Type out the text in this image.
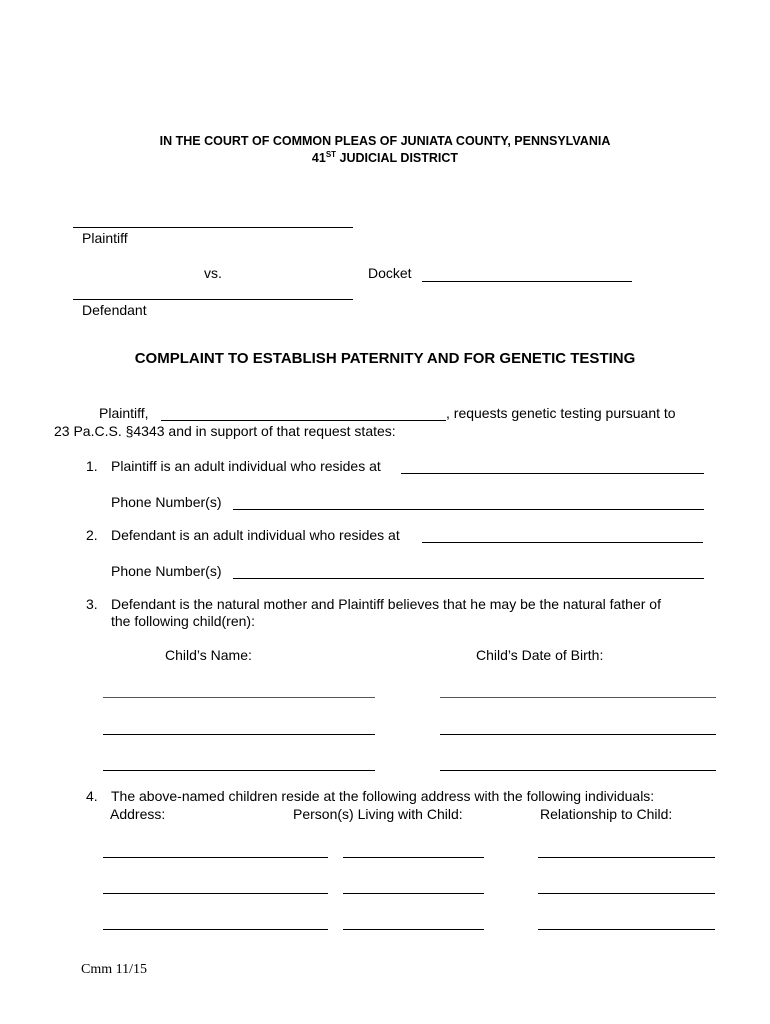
IN THE COURT OF COMMON PLEAS OF JUNIATA COUNTY, PENNSYLVANIA
41ST JUDICIAL DISTRICT
Plaintiff
vs.	Docket
Defendant
COMPLAINT TO ESTABLISH PATERNITY AND FOR GENETIC TESTING
Plaintiff,	, requests genetic testing pursuant to
23 Pa.C.S. §4343 and in support of that request states:
1. Plaintiff is an adult individual who resides at
Phone Number(s)
2. Defendant is an adult individual who resides at
Phone Number(s)
3. Defendant is the natural mother and Plaintiff believes that he may be the natural father of
the following child(ren):
Child’s Name:	Child’s Date of Birth:
4. The above-named children reside at the following address with the following individuals:
Address:	Person(s) Living with Child:	Relationship to Child:
Cmm 11/15
